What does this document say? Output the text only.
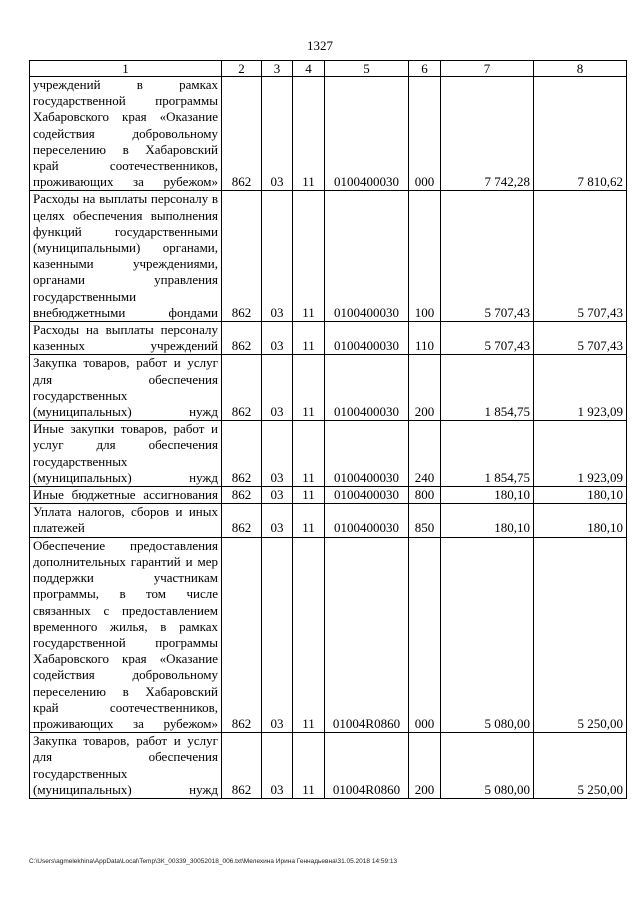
1327
1	2	3	4	5	6	7	8
учреждений в рамках государственной программы Хабаровского края «Оказание содействия добровольному переселению в Хабаровский край соотечественников, проживающих за рубежом»	862	03	11	0100400030	000	7 742,28	7 810,62
Расходы на выплаты персоналу в целях обеспечения выполнения функций государственными (муниципальными) органами, казенными учреждениями, органами управления государственными внебюджетными фондами	862	03	11	0100400030	100	5 707,43	5 707,43
Расходы на выплаты персоналу казенных учреждений	862	03	11	0100400030	110	5 707,43	5 707,43
Закупка товаров, работ и услуг для обеспечения государственных (муниципальных) нужд	862	03	11	0100400030	200	1 854,75	1 923,09
Иные закупки товаров, работ и услуг для обеспечения государственных (муниципальных) нужд	862	03	11	0100400030	240	1 854,75	1 923,09
Иные бюджетные ассигнования	862	03	11	0100400030	800	180,10	180,10
Уплата налогов, сборов и иных платежей	862	03	11	0100400030	850	180,10	180,10
Обеспечение предоставления дополнительных гарантий и мер поддержки участникам программы, в том числе связанных с предоставлением временного жилья, в рамках государственной программы Хабаровского края «Оказание содействия добровольному переселению в Хабаровский край соотечественников, проживающих за рубежом»	862	03	11	01004R0860	000	5 080,00	5 250,00
Закупка товаров, работ и услуг для обеспечения государственных (муниципальных) нужд	862	03	11	01004R0860	200	5 080,00	5 250,00
C:\Users\agmelekhina\AppData\Local\Temp\ЗК_00339_30052018_006.txt\Мелехина Ирина Геннадьевна\31.05.2018 14:59:13
